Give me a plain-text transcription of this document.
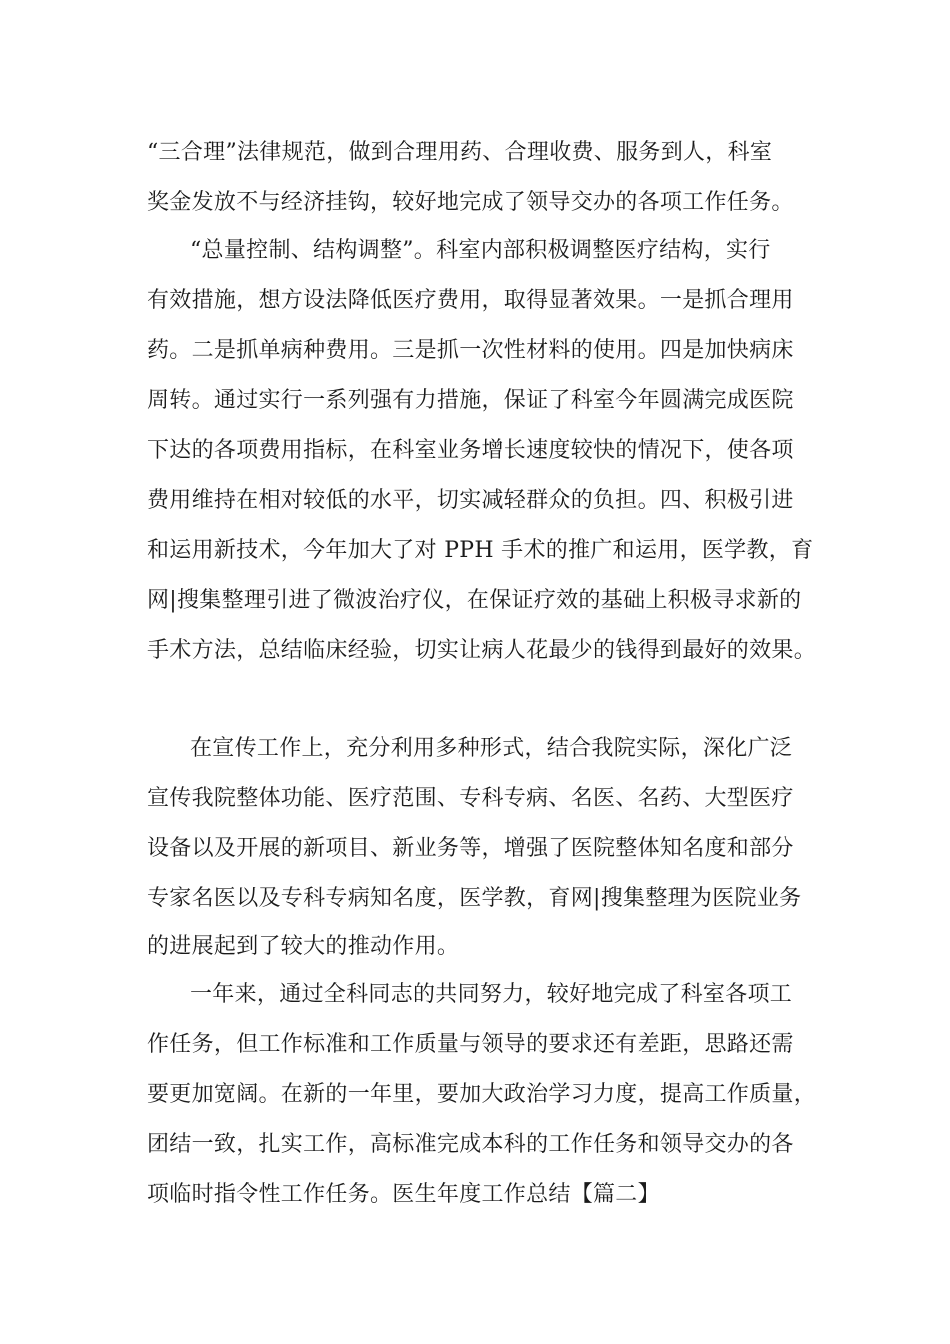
“三合理”法律规范，做到合理用药、合理收费、服务到人，科室
奖金发放不与经济挂钩，较好地完成了领导交办的各项工作任务。
“总量控制、结构调整”。科室内部积极调整医疗结构，实行
有效措施，想方设法降低医疗费用，取得显著效果。一是抓合理用
药。二是抓单病种费用。三是抓一次性材料的使用。四是加快病床
周转。通过实行一系列强有力措施，保证了科室今年圆满完成医院
下达的各项费用指标，在科室业务增长速度较快的情况下，使各项
费用维持在相对较低的水平，切实减轻群众的负担。四、积极引进
和运用新技术，今年加大了对 PPH 手术的推广和运用，医学教，育
网|搜集整理引进了微波治疗仪，在保证疗效的基础上积极寻求新的
手术方法，总结临床经验，切实让病人花最少的钱得到最好的效果。
在宣传工作上，充分利用多种形式，结合我院实际，深化广泛
宣传我院整体功能、医疗范围、专科专病、名医、名药、大型医疗
设备以及开展的新项目、新业务等，增强了医院整体知名度和部分
专家名医以及专科专病知名度，医学教，育网|搜集整理为医院业务
的进展起到了较大的推动作用。
一年来，通过全科同志的共同努力，较好地完成了科室各项工
作任务，但工作标准和工作质量与领导的要求还有差距，思路还需
要更加宽阔。在新的一年里，要加大政治学习力度，提高工作质量，
团结一致，扎实工作，高标准完成本科的工作任务和领导交办的各
项临时指令性工作任务。医生年度工作总结【篇二】
